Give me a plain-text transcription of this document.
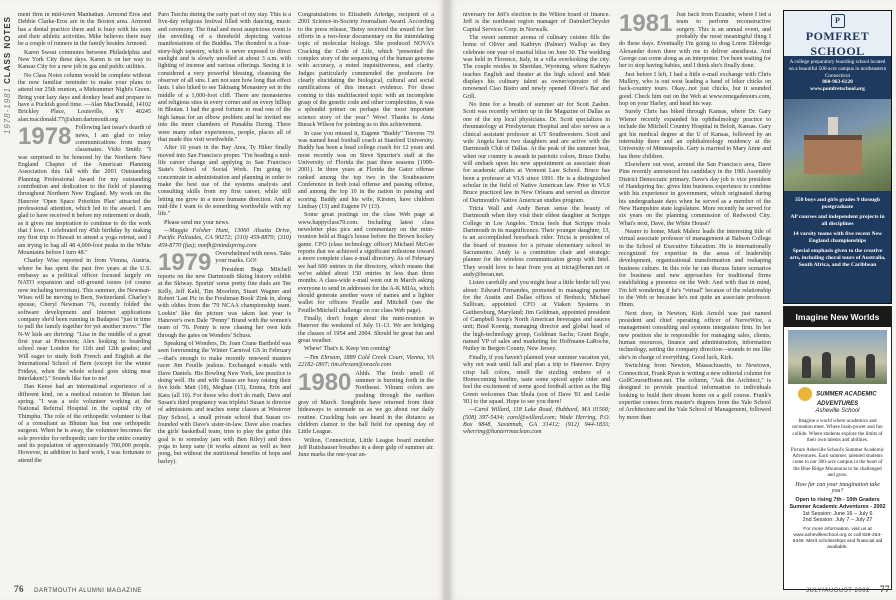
1978-1981CLASS NOTES

ment firm in mid-town Manhattan. Armond Eros and Debbie Clarke-Eros are in the Boston area. Armond has a dental practice there and is busy with his sons and their athletic activities. Mike believes there may be a couple of runners in the family besides Armond.

Karen Sweat commutes between Philadelphia and New York City these days. Karen is on her way to Kansas City for a new job in gas and public utilities.

No Class Notes column would be complete without the now familiar reminder to make your plans to attend our 25th reunion, a Midsummer Night's Green. Bring your lazy days and donkey head and prepare to have a Puckish good time. —Alan MacDonald, 14102 Brickley Place, Louisville, KY 40245 alan.macdonald.77@alum.dartmouth.org

1978 Following last issue's dearth of news, I am glad to relay communications from many classmates. Vicki Smith: "I was surprised to be honored by the Northern New England Chapter of the American Planning Association this fall with the 2001 Outstanding Planning Professional Award for my outstanding contribution and dedication to the field of planning throughout Northern New England. My work on the Hanover 'Open Space Priorities Plan' attracted the professional attention, which led to the award. I am glad to have received it before my retirement or death, as it gives me inspiration to continue to do the work that I love. I celebrated my 45th birthday by making my first trip to Hawaii to attend a yoga retreat, and I am trying to bag all 48 4,000-foot peaks in the White Mountains before I turn 48."

Charley Wise reported in from Vienna, Austria, where he has spent the past five years at the U.S. embassy as a political officer focused largely on NATO expansion and off-ground issues (of course now including terrorism). This summer, the Newman-Wises will be moving to Bern, Switzerland. Charley's spouse, Cheryl Newman '76, recently folded the software development and Internet applications company she'd been running in Budapest "just in time to pull the family together for yet another move." The N-W kids are thriving: "Lisa in the middle of a great first year at Princeton; Alex looking to boarding school near London for 11th and 12th grades; and Will eager to study both French and English at the International School of Bern (except for the winter Fridays, when the whole school goes skiing near Interlaken!)." Sounds like fun to me!

Dan Keese had an international experience of a different kind, on a medical mission to Bhutan last spring. "I was a solo volunteer working at the National Referral Hospital in the capital city of Thimphu. The role of the orthopedic volunteer is that of a consultant as Bhutan has but one orthopedic surgeon. When he is away, the volunteer becomes the sole provider for orthopedic care for the entire country and its population of approximately 700,000 people. However, in addition to hard work, I was fortunate to attend the

Paro Tsechu during the early part of my stay. This is a five-day religious festival filled with dancing, music and ceremony. The final and most auspicious event is the unveiling of a threehold depicting various manifestations of the Buddha. The thondrol is a four-story-high tapestry, which is never exposed to direct sunlight and is slowly unrolled at about 3 a.m. with lighting of incense and various offerings. Seeing it is considered a very powerful blessing, cleansing the observer of all sins. I am not sure how long that effect lasts. I also hiked to see Taktsang Monastery set in the middle of a 1,000-foot cliff. There are monasteries and religious sites in every corner and on every hilltop in Bhutan. I had the good fortune to read one of the high lamas for an elbow problem and he invited me into the inner chambers of Punakha Dzong. There were many other experiences, people, places all of that made this visit worthwhile."

After 10 years in the Bay Area, Ty Hiker finally moved into San Francisco proper. "I'm heading a mid-life career change and applying to San Francisco State's School of Social Work. I'm going to concentrate in administration and planning in order to make the best use of the systems analysis and consulting skills from my first career, while still letting me grow in a more humane direction. And at mid-life I want to do something worthwhile with my life."

Please send me your news.

—Maggie Felsher Hunt, 13060 Alsatia Drive, Pacific Palisades, CA 90272; (310) 459-8870; (310) 459-8770 (fax); mmfh@mindspring.com

1979 Overwhelmed with news. Take your marks. GO!

President Bugs Mitchell reports on the new Dartmouth Skiing history exhibit at the Skiway. Sportin' some pretty fine duds are Tee Kelly, Jeff Kahl, Tim Moorlein, Stuart Wagner and Robert 'Last Pic in the Freshman Book' Zink in, along with oldies from the '79 NCAA championship team. Lookin' like the picture was taken last year is Hanover's own Dale "Penny" Brand with the women's team of '76. Penny is now chasing her own kids through the gates on Wonders' Schuss.

Speaking of Wonders, Dr. Joan Crane Barthold was seen forerunning the Winter Carnival GS in February—that's enough to make recently renewed masters racer Jim Feuille jealous. Exchanged e-mails with Dave Daniels. His Bowling New York, law practice is doing well. He and wife Susan are busy raising their five kids: Matt (18), Meghan (15), Emma, Erin and Kara (all 10). For those who don't do math, Dave and Susan's third pregnancy was triplets! Susan is director of admissions and teaches some classes at Westover Day School, a small private school that Susan co-founded with Dave's sister-in-law. Dave also coaches the girls' basketball team, tries to play the guitar (his goal is to someday jam with Ben Riley) and does yoga to keep sane (it works almost as well as beer pong, but without the nutritional benefits of hops and barley).

Congratulations to Elizabeth Arledge, recipient of a 2001 Science-in-Society Journalism Award. According to the press release, 'Betsy received the award for her efforts in a two-hour documentary on the intimidating topic of molecular biology. She produced NOVA's Cracking the Code of Life, which "presented the complex story of the sequencing of the human genome with accuracy, a noted inquisitiveness, and clarity. Judges particularly commended the producers for clearly elucidating the biological, cultural and social ramifications of this inexact evidence. For those coming to this multifaceted topic with an incomplete grasp of the genetic code and other complexities, it was a splendid primer on perhaps the most important science story of the year." Wow! Thanks to Anna Burack Wilson for pointing us to this achievement.

In case you missed it, Eugene "Buddy" Teevens '79 was named head football coach at Stanford University. Buddy has been a head college coach for 12 years and most recently was on Steve Spurrier's staff at the University of Florida the past three seasons (1999-2001). In three years at Florida the Gator offense ranked among the top two in the Southeastern Conference in both total offense and passing offense, and among the top 10 in the nation in passing and scoring. Buddy and his wife, Kirsten, have children Lindsay (15) and Eugene IV (13).

Some great postings on the class Web page at www.happyclass79.com. Including latest class newsletter plus pics and commentary on the mini-reunion held at Bugs's house before the Brown hockey game. CFO (class technology officer) Michael McGee reports that we achieved a significant milestone toward a more complete class e-mail directory. As of February we had 600 entries in the directory, which means that we've added about 150 entries in less than three months. A class-wide e-mail went out in March asking everyone to send in addresses for the A-K MIAs, which should generate another wave of names and a lighter wallet for officers Feuille and Mitchell (see the Feuille/Mitchell challenge on our class Web page).

Finally, don't forget about the mini-reunion in Hanover the weekend of July 11-13. We are bridging the classes of 1954 and 2004. Should be great fun and great weather.

Whew! That's it. Keep 'em coming!

—Tim Ehrsam, 1889 Cold Creek Court, Vienna, VA 22182-1807; tim.ehrsam@oracle.com

1980 Ahhh. The fresh smell of summer is bursting forth in the Northeast. Vibrant colors are pushing through the earthen gray of March. Songbirds have returned from their hideaways to serenade us as we go about our daily routine. Crackling bats are heard in the distance as children clamor to the ball field for opening day of Little League.

Wilton, Connecticut, Little League board member Jeff Rutishauser breathes in a deep gulp of summer air. June marks the one-year an-

76 DARTMOUTH ALUMNI MAGAZINE

niversary for Jeff's election to the Wilton board of finance. Jeff is the northeast region manager of DaimlerChrysler Capital Services Corp. in Norwalk.

The sweet summer aroma of culinary cuisine fills the home of Oliver and Kathryn (Palmer) Wallop as they celebrate one year of marital bliss on June 30. The wedding was held in Florence, Italy, in a villa overlooking the city. The couple resides in Sheridan, Wyoming, where Kathryn teaches English and theater at the high school and Matt displays his culinary talent as owner/operator of the renowned Ciao Bistro and newly opened Oliver's Bar and Grill.

No time for a breath of summer air for Scott Zashin. Scott was recently written up in the Magazine of Dallas as one of the top local physicians. Dr. Scott specializes in rheumatology at Presbyterian Hospital and also serves as a clinical assistant professor at UT Southwestern. Scott and wife Angela have two daughters and are active with the Dartmouth Club of Dallas. At the peak of the summer heat, when our country is awash in patriotic colors, Bruce Duthu will embark upon his new appointment as associate dean for academic affairs at Vermont Law School. Bruce has been a professor at VLS since 1991. He is a distinguished scholar in the field of Native American law. Prior to VLS Bruce practiced law in New Orleans and served as director of Dartmouth's Native American studies program.

Tricia Wall and Andy Beran sense the beauty of Dartmouth when they visit their eldest daughter at Scripps College in Los Angeles. Tricia feels that Scripps rivals Dartmouth in its magnificence. Their younger daughter, 13, is an accomplished horseback rider. Tricia is president of the board of trustees for a private elementary school in Sacramento. Andy is a committee chair and strategic planner for the wireless communication group with Intel. They would love to hear from you at tricia@beran.net or andy@beran.net.

Listen carefully and you might hear a little birdie tell you about: Edward Fernandes, promoted to managing partner for the Austin and Dallas offices of Brobeck; Michael Sullivan, appointed CFO at Viaken Systems in Gaithersburg, Maryland; Jim Goldman, appointed president of Campbell Soup's North American beverages and sauces unit; Brad Koenig, managing director and global head of the high-technology group, Goldman Sachs; Grant Bogle, named VP of sales and marketing for Hoffmann-LaRoche, Nutley in Bergen County, New Jersey.

Finally, if you haven't planned your summer vacation yet, why not wait until fall and plan a trip to Hanover. Enjoy crisp fall colors, smell the sizzling embers of a Homecoming bonfire, taste some spiced apple cider and feel the excitement of some good football action as the Big Green welcomes Dan Shula (son of Dave '81 and Leslie '81) to the squad. Hope to see you there!

—Carol Willard, 118 Lake Road, Hubbard, MA 01568; (508) 397-5434; carol@willard.com; Wade Herring, P.O. Box 9848, Savannah, GA 31412; (912) 944-1833; wherring@hunterrmaclean.com

1981 Just back from Ecuador, where I led a team to perform reconstructive surgery. This is an annual event, and probably the most meaningful thing I do these days. Eventually I'm going to drag Lorne Eldredge Alexander down there with me to deliver anesthesia. And George can come along as an interpreter. I've been waiting for her to stop having babies, and I think she's finally done.

Just before I left, I had a little e-mail exchange with Chris Mullery, who is out west leading a band of biker chicks on back-country tours. Okay...not just chicks, but it sounded good. Check him out on the Web at www.renegadetours.com, hop on your Harley, and head his way.

Surely Chris has biked through Kansas, where Dr. Gary Wiener recently expanded his ophthalmology practice to include the Mitchell Country Hospital in Beloit, Kansas. Gary got his medical degree at the U of Kansas, followed by an internship there and an ophthalmology residency at the University of Minneapolis. Gary is married to Mary Anne and has three children.

Elsewhere out west, around the San Francisco area, Dave Pine recently announced his candidacy in the 19th Assembly District Democratic primary. Dave's day job is vice president of Handspring Inc. gives him business experience to combine with his experience in government, which originated during his undergraduate days when he served as a member of the New Hampshire state legislature. More recently he served for six years on the planning commission of Redwood City. What's next, Dave, the White House?

Nearer to home, Mark Malerz leads the interesting title of virtual associate professor of management at Babson College in the School of Executive Education. He is internationally recognized for expertise in the areas of leadership development, organizational transformation and reshaping business culture. In this role he can discuss future scenarios for business and new approaches for traditional firms establishing a presence on the Web. And with that in mind, I'm left wondering if he's "virtual" because of the relationship to the Web or because he's not quite an associate professor. Hmm.

Next door, in Newton, Kirk Arnold was just named president and chief operating officer of NerveWire, a management consulting and systems integration firm. In her new position she is responsible for managing sales, clients, human resources, finance and administration, information technology, setting the company direction—sounds to me like she's in charge of everything. Good luck, Kirk.

Switching from Newton, Massachusetts, to Newtown, Connecticut, Frank Ryan is writing a new editorial column for GolfCourseHome.net. The column, "Ask the Architect," is designed to provide practical information to individuals looking to build their dream home on a golf course. Frank's expertise comes from master's degrees from the Yale School of Architecture and the Yale School of Management, followed by more than

P
POMFRET SCHOOL
A college preparatory boarding school located on a beautiful 500-acre campus in northeastern Connecticut
860-963-6120
www.pomfretschool.org

350 boys and girls grades 9 through postgraduate

AP courses and independent projects in all disciplines

14 varsity teams with five recent New England championships

Special emphasis given to the creative arts, including choral tours of Australia, South Africa, and the Caribbean

Imagine New Worlds
SUMMER ACADEMIC ADVENTURES
Asheville School
Imagine a world where academics and recreation meet. Where brain-power and fun collide. Where students explore the limits of their own talents and abilities.
Picture Asheville School's Summer Academic Adventures. Each summer, talented students come to our 300-acre campus in the heart of the Blue Ridge Mountains to be challenged and grow.
How far can your imagination take you?
Open to rising 7th - 10th Graders
Summer Academic Adventures - 2002
1st Session: June 16 – July 6
2nd Session: July 7 – July 27
For more information, visit us at www.ashevilleschool.org or call 828-254-6345. Merit scholarships and financial aid available.
JULY/AUGUST 2002 77
